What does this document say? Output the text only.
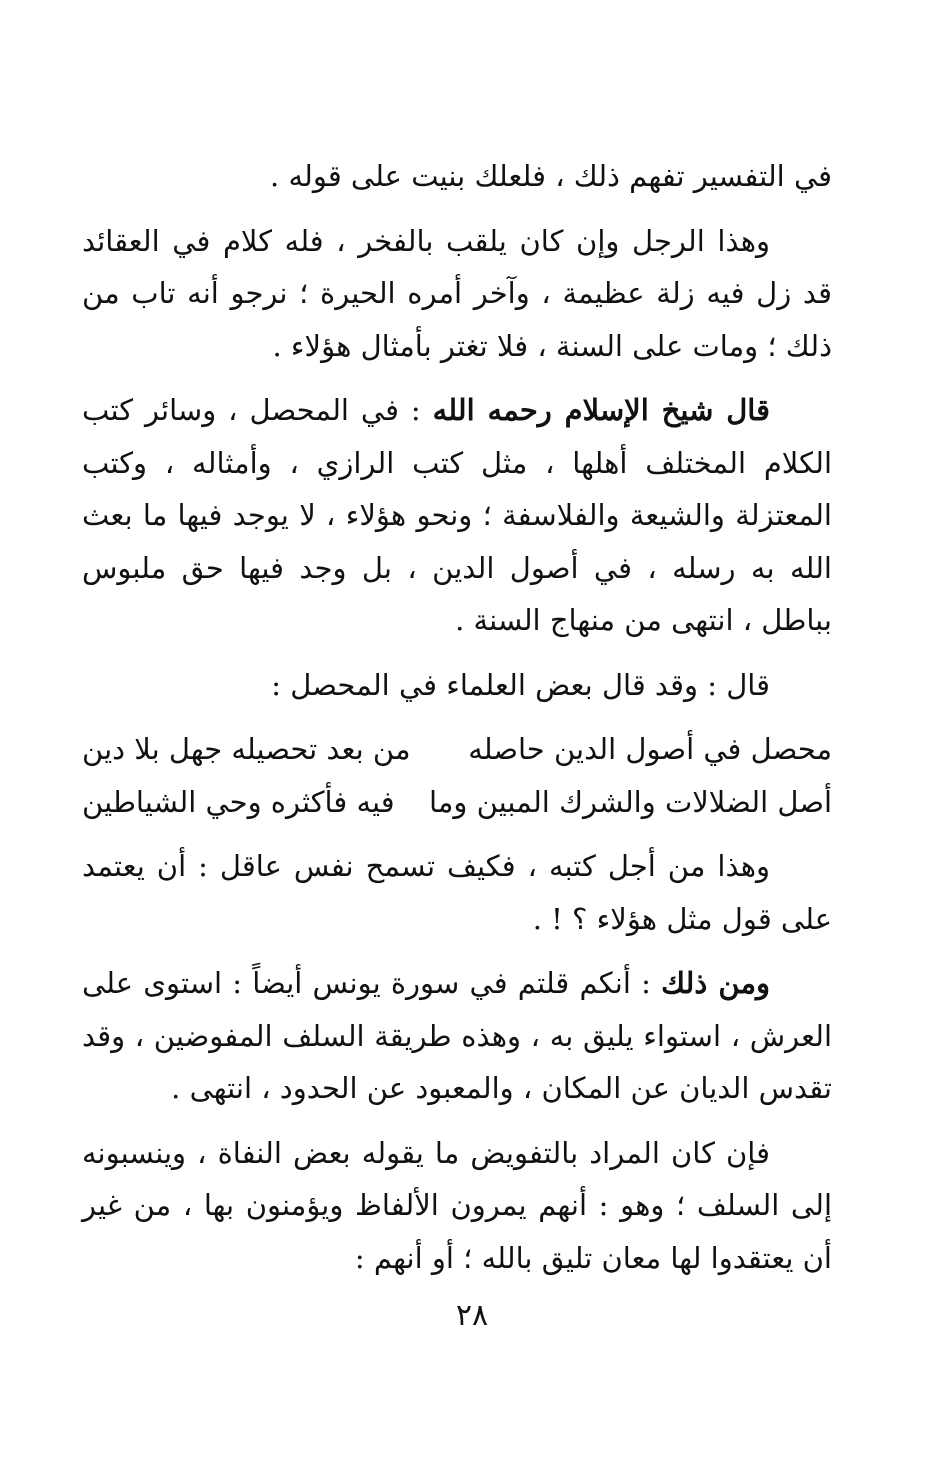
في التفسير تفهم ذلك ، فلعلك بنيت على قوله .

وهذا الرجل وإن كان يلقب بالفخر ، فله كلام في العقائد قد زل فيه زلة عظيمة ، وآخر أمره الحيرة ؛ نرجو أنه تاب من ذلك ؛ ومات على السنة ، فلا تغتر بأمثال هؤلاء .

قال شيخ الإسلام رحمه الله : في المحصل ، وسائر كتب الكلام المختلف أهلها ، مثل كتب الرازي ، وأمثاله ، وكتب المعتزلة والشيعة والفلاسفة ؛ ونحو هؤلاء ، لا يوجد فيها ما بعث الله به رسله ، في أصول الدين ، بل وجد فيها حق ملبوس بباطل ، انتهى من منهاج السنة .

قال : وقد قال بعض العلماء في المحصل :

محصل في أصول الدين حاصله
من بعد تحصيله جهل بلا دين
أصل الضلالات والشرك المبين وما
فيه فأكثره وحي الشياطين

وهذا من أجل كتبه ، فكيف تسمح نفس عاقل : أن يعتمد على قول مثل هؤلاء ؟ ! .

ومن ذلك : أنكم قلتم في سورة يونس أيضاً : استوى على العرش ، استواء يليق به ، وهذه طريقة السلف المفوضين ، وقد تقدس الديان عن المكان ، والمعبود عن الحدود ، انتهى .

فإن كان المراد بالتفويض ما يقوله بعض النفاة ، وينسبونه إلى السلف ؛ وهو : أنهم يمرون الألفاظ ويؤمنون بها ، من غير أن يعتقدوا لها معان تليق بالله ؛ أو أنهم :

٢٨
